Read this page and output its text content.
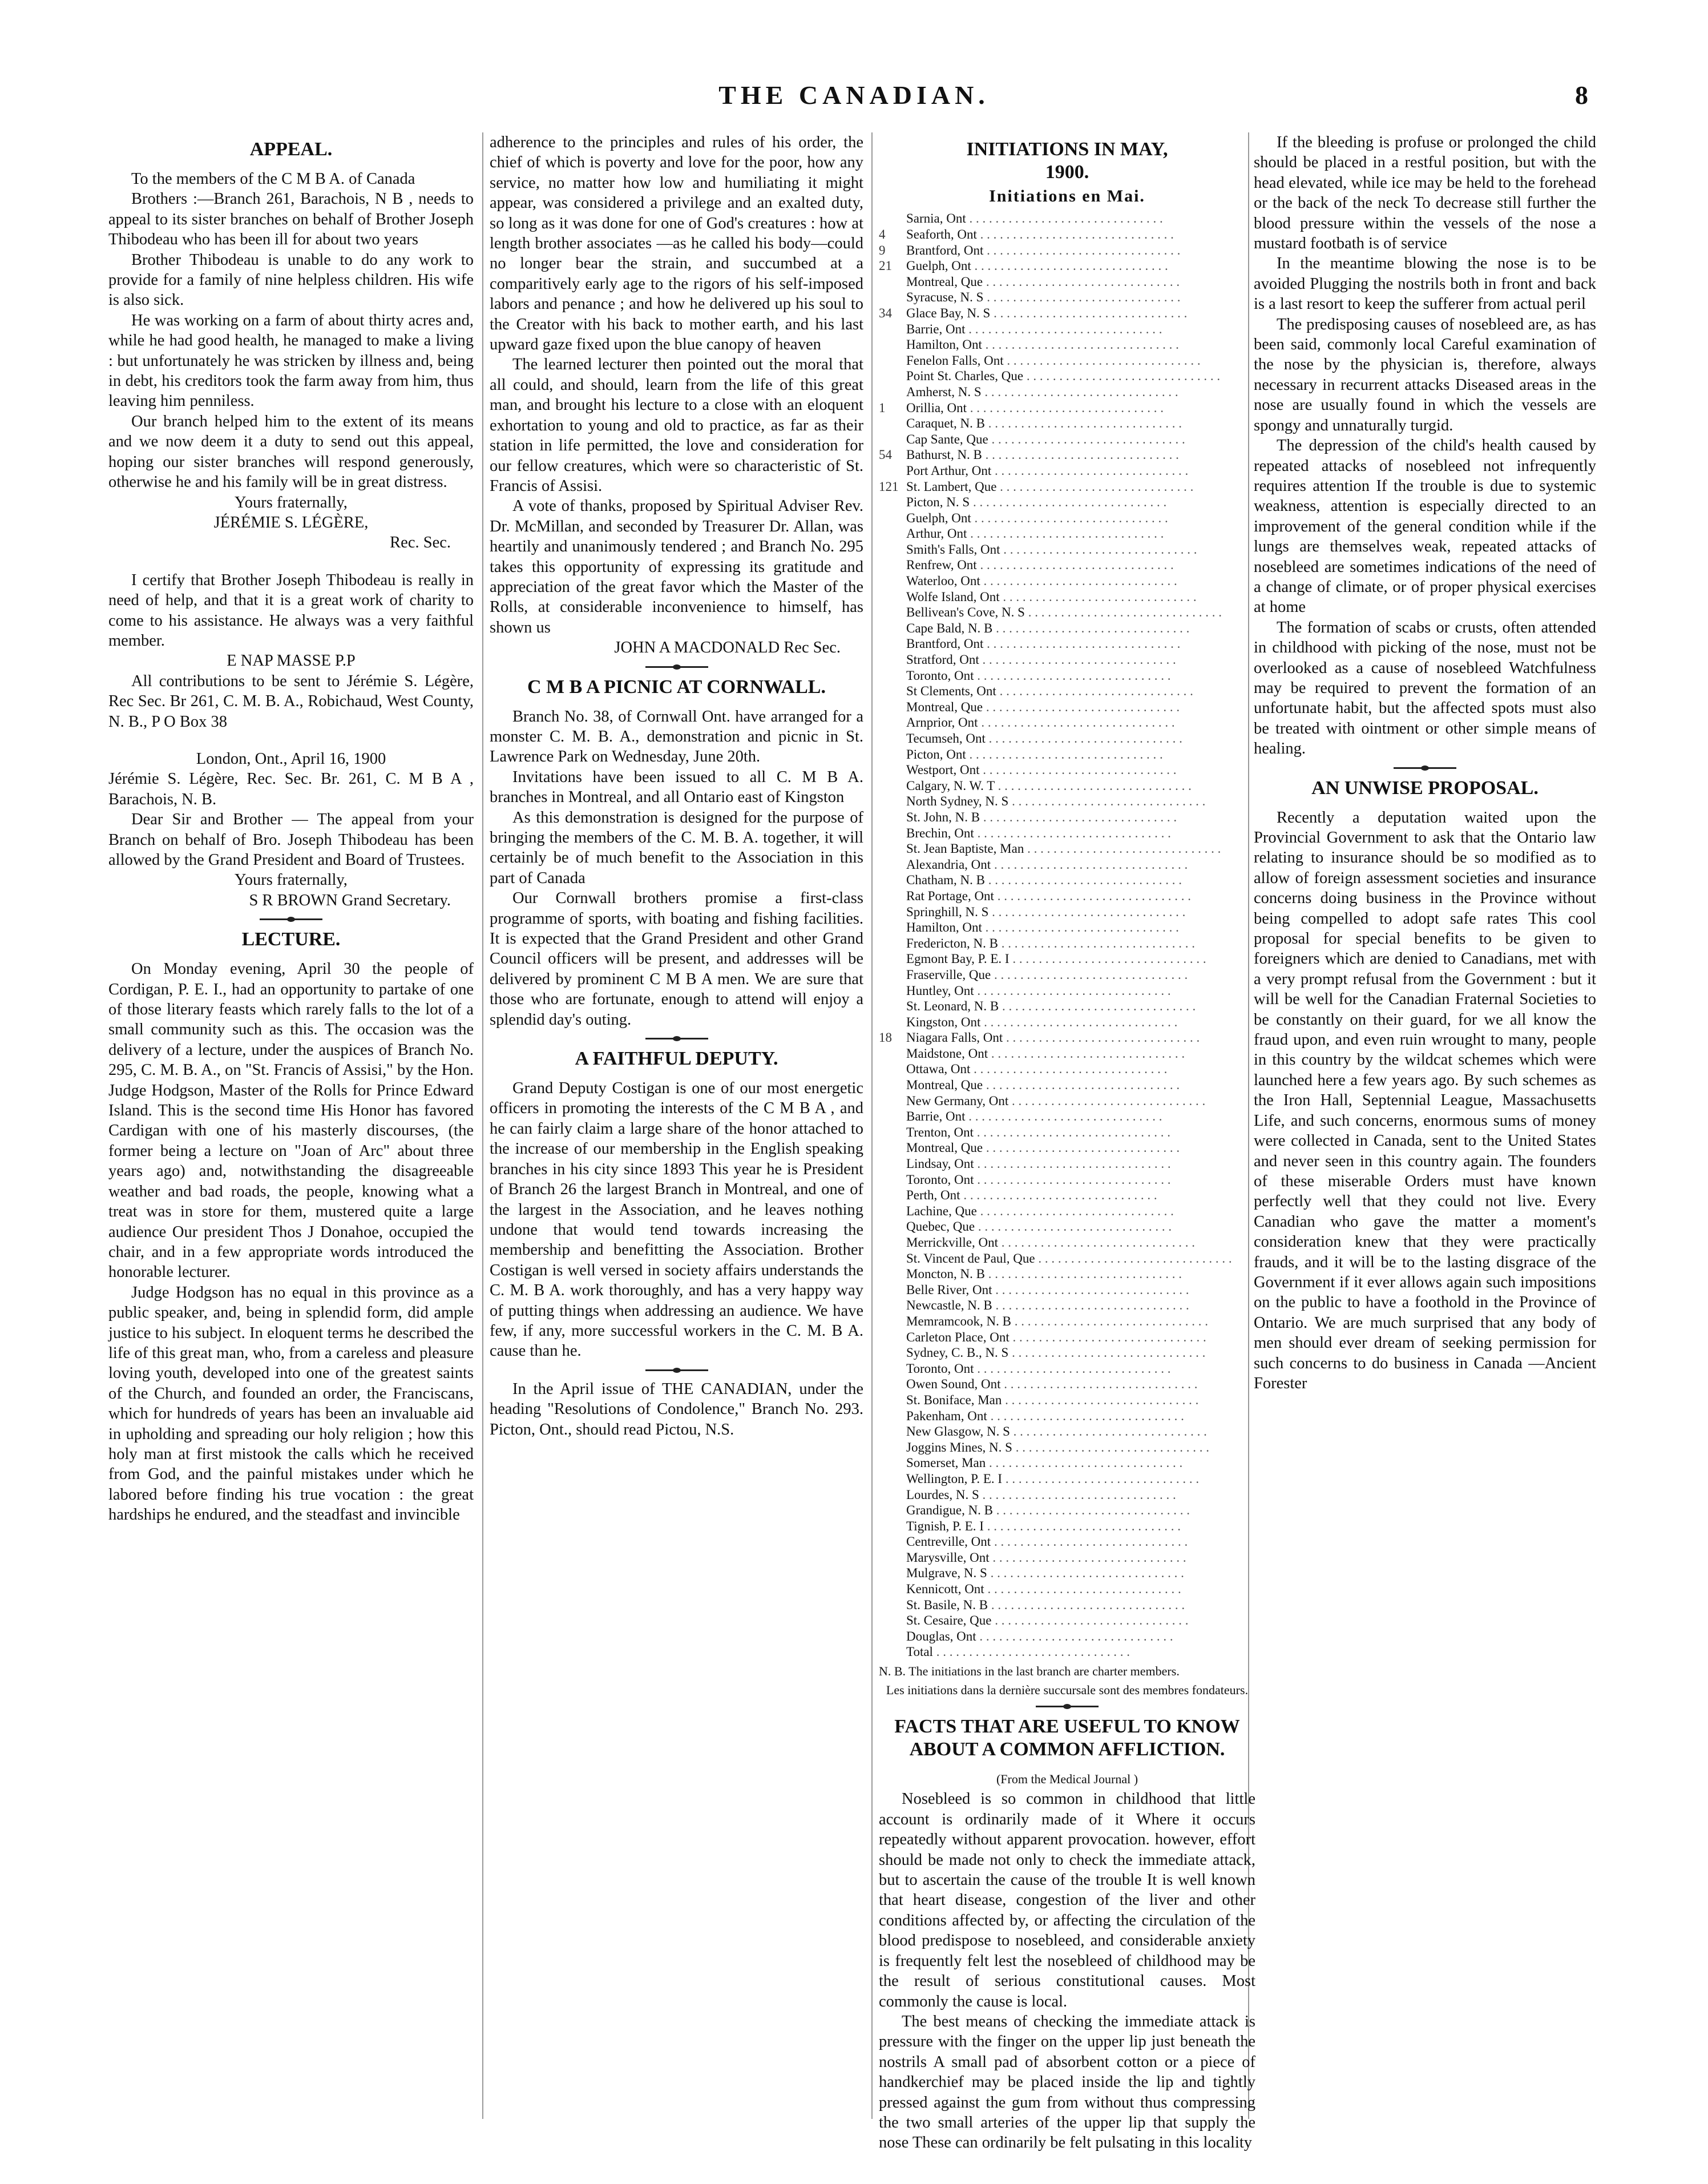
THE CANADIAN.	8
APPEAL.

To the members of the C M B A. of Canada

Brothers :—Branch 261, Barachois, N B , needs to appeal to its sister branches on behalf of Brother Joseph Thibodeau who has been ill for about two years

Brother Thibodeau is unable to do any work to provide for a family of nine helpless children. His wife is also sick.

He was working on a farm of about thirty acres and, while he had good health, he managed to make a living : but unfortunately he was stricken by illness and, being in debt, his creditors took the farm away from him, thus leaving him penniless.

Our branch helped him to the extent of its means and we now deem it a duty to send out this appeal, hoping our sister branches will respond generously, otherwise he and his family will be in great distress.

Yours fraternally,

JÉRÉMIE S. LÉGÈRE,

Rec. Sec.

I certify that Brother Joseph Thibodeau is really in need of help, and that it is a great work of charity to come to his assistance. He always was a very faithful member.

E NAP MASSE P.P

All contributions to be sent to Jérémie S. Légère, Rec Sec. Br 261, C. M. B. A., Robichaud, West County, N. B., P O Box 38

London, Ont., April 16, 1900

Jérémie S. Légère, Rec. Sec. Br. 261, C. M B A , Barachois, N. B.

Dear Sir and Brother — The appeal from your Branch on behalf of Bro. Joseph Thibodeau has been allowed by the Grand President and Board of Trustees.

Yours fraternally,

S R BROWN Grand Secretary.

LECTURE.

On Monday evening, April 30 the people of Cordigan, P. E. I., had an opportunity to partake of one of those literary feasts which rarely falls to the lot of a small community such as this. The occasion was the delivery of a lecture, under the auspices of Branch No. 295, C. M. B. A., on "St. Francis of Assisi," by the Hon. Judge Hodgson, Master of the Rolls for Prince Edward Island. This is the second time His Honor has favored Cardigan with one of his masterly discourses, (the former being a lecture on "Joan of Arc" about three years ago) and, notwithstanding the disagreeable weather and bad roads, the people, knowing what a treat was in store for them, mustered quite a large audience Our president Thos J Donahoe, occupied the chair, and in a few appropriate words introduced the honorable lecturer.

Judge Hodgson has no equal in this province as a public speaker, and, being in splendid form, did ample justice to his subject. In eloquent terms he described the life of this great man, who, from a careless and pleasure loving youth, developed into one of the greatest saints of the Church, and founded an order, the Franciscans, which for hundreds of years has been an invaluable aid in upholding and spreading our holy religion ; how this holy man at first mistook the calls which he received from God, and the painful mistakes under which he labored before finding his true vocation : the great hardships he endured, and the steadfast and invincible

adherence to the principles and rules of his order, the chief of which is poverty and love for the poor, how any service, no matter how low and humiliating it might appear, was considered a privilege and an exalted duty, so long as it was done for one of God's creatures : how at length brother associates —as he called his body—could no longer bear the strain, and succumbed at a comparitively early age to the rigors of his self-imposed labors and penance ; and how he delivered up his soul to the Creator with his back to mother earth, and his last upward gaze fixed upon the blue canopy of heaven

The learned lecturer then pointed out the moral that all could, and should, learn from the life of this great man, and brought his lecture to a close with an eloquent exhortation to young and old to practice, as far as their station in life permitted, the love and consideration for our fellow creatures, which were so characteristic of St. Francis of Assisi.

A vote of thanks, proposed by Spiritual Adviser Rev. Dr. McMillan, and seconded by Treasurer Dr. Allan, was heartily and unanimously tendered ; and Branch No. 295 takes this opportunity of expressing its gratitude and appreciation of the great favor which the Master of the Rolls, at considerable inconvenience to himself, has shown us

JOHN A MACDONALD Rec Sec.

C M B A PICNIC AT CORNWALL.

Branch No. 38, of Cornwall Ont. have arranged for a monster C. M. B. A., demonstration and picnic in St. Lawrence Park on Wednesday, June 20th.

Invitations have been issued to all C. M B A. branches in Montreal, and all Ontario east of Kingston

As this demonstration is designed for the purpose of bringing the members of the C. M. B. A. together, it will certainly be of much benefit to the Association in this part of Canada

Our Cornwall brothers promise a first-class programme of sports, with boating and fishing facilities. It is expected that the Grand President and other Grand Council officers will be present, and addresses will be delivered by prominent C M B A men. We are sure that those who are fortunate, enough to attend will enjoy a splendid day's outing.

A FAITHFUL DEPUTY.

Grand Deputy Costigan is one of our most energetic officers in promoting the interests of the C M B A , and he can fairly claim a large share of the honor attached to the increase of our membership in the English speaking branches in his city since 1893 This year he is President of Branch 26 the largest Branch in Montreal, and one of the largest in the Association, and he leaves nothing undone that would tend towards increasing the membership and benefitting the Association. Brother Costigan is well versed in society affairs understands the C. M. B A. work thoroughly, and has a very happy way of putting things when addressing an audience. We have few, if any, more successful workers in the C. M. B A. cause than he.

In the April issue of THE CANADIAN, under the heading "Resolutions of Condolence," Branch No. 293. Picton, Ont., should read Pictou, N.S.

INITIATIONS IN MAY,
1900.
Initiations en Mai.
Sarnia, Ont . . .
4	Seaforth, Ont . . .
9	Brantford, Ont . . .
21	Guelph, Ont . . .
Montreal, Que . . .
Syracuse, N. S . . .
34	Glace Bay, N. S . . .
Barrie, Ont . . .
Hamilton, Ont . . .
Fenelon Falls, Ont . . .
Point St. Charles, Que . . .
Amherst, N. S . . .
1	Orillia, Ont . . .
Caraquet, N. B . . .
Cap Sante, Que . . .
54	Bathurst, N. B . . .
Port Arthur, Ont . . .
121 St. Lambert, Que . . .
Picton, N. S . . .
Guelph, Ont . . .
Arthur, Ont . . .
Smith's Falls, Ont . . .
Renfrew, Ont . . .
Waterloo, Ont . . .
Wolfe Island, Ont . . .
Bellivean's Cove, N. S . . .
Cape Bald, N. B . . .
Brantford, Ont . . .
Stratford, Ont . . .
Toronto, Ont . . .
St Clements, Ont . . .
Montreal, Que . . .
Arnprior, Ont . . .
Tecumseh, Ont . . .
Picton, Ont . . .
Westport, Ont . . .
Calgary, N. W. T . . .
North Sydney, N. S . . .
St. John, N. B . . .
Brechin, Ont . . .
St. Jean Baptiste, Man . . .
Alexandria, Ont . . .
Chatham, N. B . . .
Rat Portage, Ont . . .
Springhill, N. S . . .
Hamilton, Ont . . .
Fredericton, N. B . . .
Egmont Bay, P. E. I . . .
Fraserville, Que . . .
Huntley, Ont . . .
St. Leonard, N. B . . .
Kingston, Ont . . .
18	Niagara Falls, Ont . . .
Maidstone, Ont . . .
Ottawa, Ont . . .
Montreal, Que . . .
New Germany, Ont . . .
Barrie, Ont . . .
Trenton, Ont . . .
Montreal, Que . . .
Lindsay, Ont . . .
Toronto, Ont . . .
Perth, Ont . . .
Lachine, Que . . .
Quebec, Que . . .
Merrickville, Ont . . .
St. Vincent de Paul, Que . . .
Moncton, N. B . . .
Belle River, Ont . . .
Newcastle, N. B . . .
Memramcook, N. B . . .
Carleton Place, Ont . . .
Sydney, C. B., N. S . . .
Toronto, Ont . . .
Owen Sound, Ont . . .
St. Boniface, Man . . .
Pakenham, Ont . . .
New Glasgow, N. S . . .
Joggins Mines, N. S . . .
Somerset, Man . . .
Wellington, P. E. I . . .
Lourdes, N. S . . .
Grandigue, N. B . . .
Tignish, P. E. I . . .
Centreville, Ont . . .
Marysville, Ont . . .
Mulgrave, N. S . . .
Kennicott, Ont . . .
St. Basile, N. B . . .
St. Cesaire, Que . . .
Douglas, Ont . . .
Total . . .

N. B. The initiations in the last branch are charter members.

Les initiations dans la dernière succursale sont des membres fondateurs.

FACTS THAT ARE USEFUL TO KNOW ABOUT A COMMON AFFLICTION.

(From the Medical Journal )

Nosebleed is so common in childhood that little account is ordinarily made of it Where it occurs repeatedly without apparent provocation. however, effort should be made not only to check the immediate attack, but to ascertain the cause of the trouble It is well known that heart disease, congestion of the liver and other conditions affected by, or affecting the circulation of the blood predispose to nosebleed, and considerable anxiety is frequently felt lest the nosebleed of childhood may be the result of serious constitutional causes. Most commonly the cause is local.

The best means of checking the immediate attack is pressure with the finger on the upper lip just beneath the nostrils A small pad of absorbent cotton or a piece of handkerchief may be placed inside the lip and tightly pressed against the gum from without thus compressing the two small arteries of the upper lip that supply the nose These can ordinarily be felt pulsating in this locality

If the bleeding is profuse or prolonged the child should be placed in a restful position, but with the head elevated, while ice may be held to the forehead or the back of the neck To decrease still further the blood pressure within the vessels of the nose a mustard footbath is of service

In the meantime blowing the nose is to be avoided Plugging the nostrils both in front and back is a last resort to keep the sufferer from actual peril

The predisposing causes of nosebleed are, as has been said, commonly local Careful examination of the nose by the physician is, therefore, always necessary in recurrent attacks Diseased areas in the nose are usually found in which the vessels are spongy and unnaturally turgid.

The depression of the child's health caused by repeated attacks of nosebleed not infrequently requires attention If the trouble is due to systemic weakness, attention is especially directed to an improvement of the general condition while if the lungs are themselves weak, repeated attacks of nosebleed are sometimes indications of the need of a change of climate, or of proper physical exercises at home

The formation of scabs or crusts, often attended in childhood with picking of the nose, must not be overlooked as a cause of nosebleed Watchfulness may be required to prevent the formation of an unfortunate habit, but the affected spots must also be treated with ointment or other simple means of healing.

AN UNWISE PROPOSAL.

Recently a deputation waited upon the Provincial Government to ask that the Ontario law relating to insurance should be so modified as to allow of foreign assessment societies and insurance concerns doing business in the Province without being compelled to adopt safe rates This cool proposal for special benefits to be given to foreigners which are denied to Canadians, met with a very prompt refusal from the Government : but it will be well for the Canadian Fraternal Societies to be constantly on their guard, for we all know the fraud upon, and even ruin wrought to many, people in this country by the wildcat schemes which were launched here a few years ago. By such schemes as the Iron Hall, Septennial League, Massachusetts Life, and such concerns, enormous sums of money were collected in Canada, sent to the United States and never seen in this country again. The founders of these miserable Orders must have known perfectly well that they could not live. Every Canadian who gave the matter a moment's consideration knew that they were practically frauds, and it will be to the lasting disgrace of the Government if it ever allows again such impositions on the public to have a foothold in the Province of Ontario. We are much surprised that any body of men should ever dream of seeking permission for such concerns to do business in Canada —Ancient Forester
